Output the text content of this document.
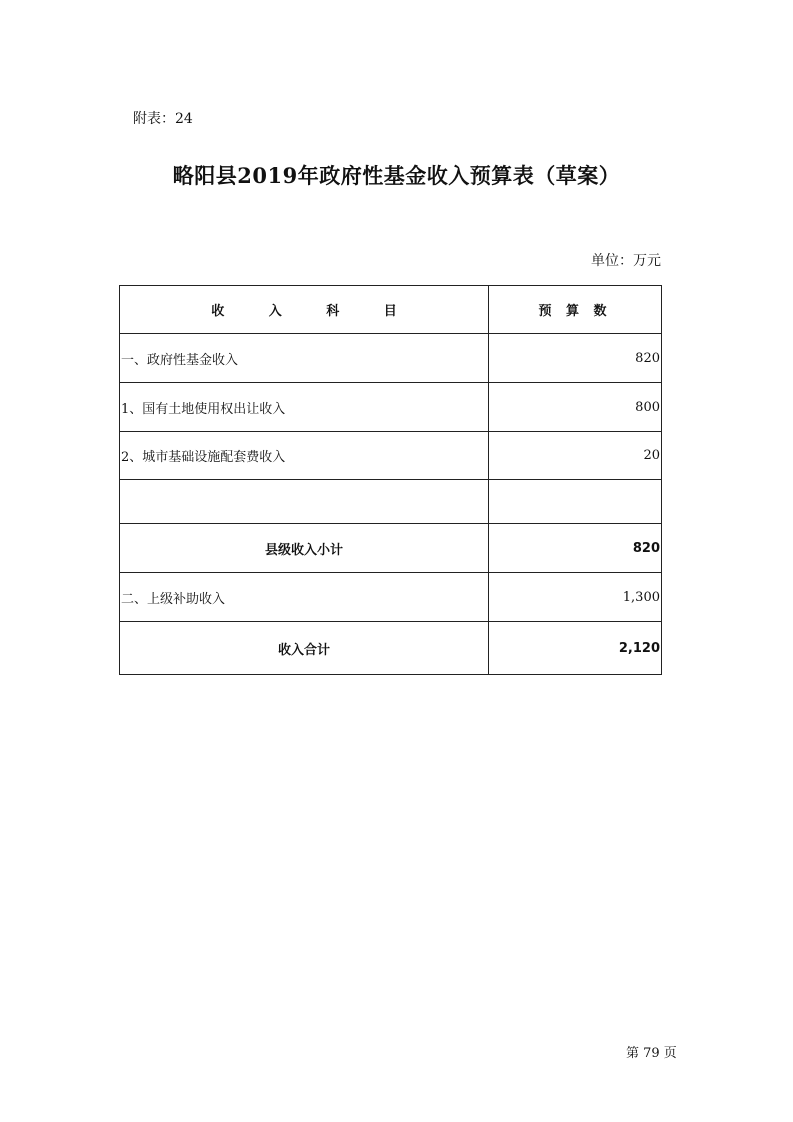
附表：24
略阳县2019年政府性基金收入预算表（草案）
单位：万元
收 入 科 目	预 算 数
一、政府性基金收入	820
1、国有土地使用权出让收入	800
2、城市基础设施配套费收入	20

县级收入小计	820
二、上级补助收入	1,300
收入合计	2,120
第 79 页
